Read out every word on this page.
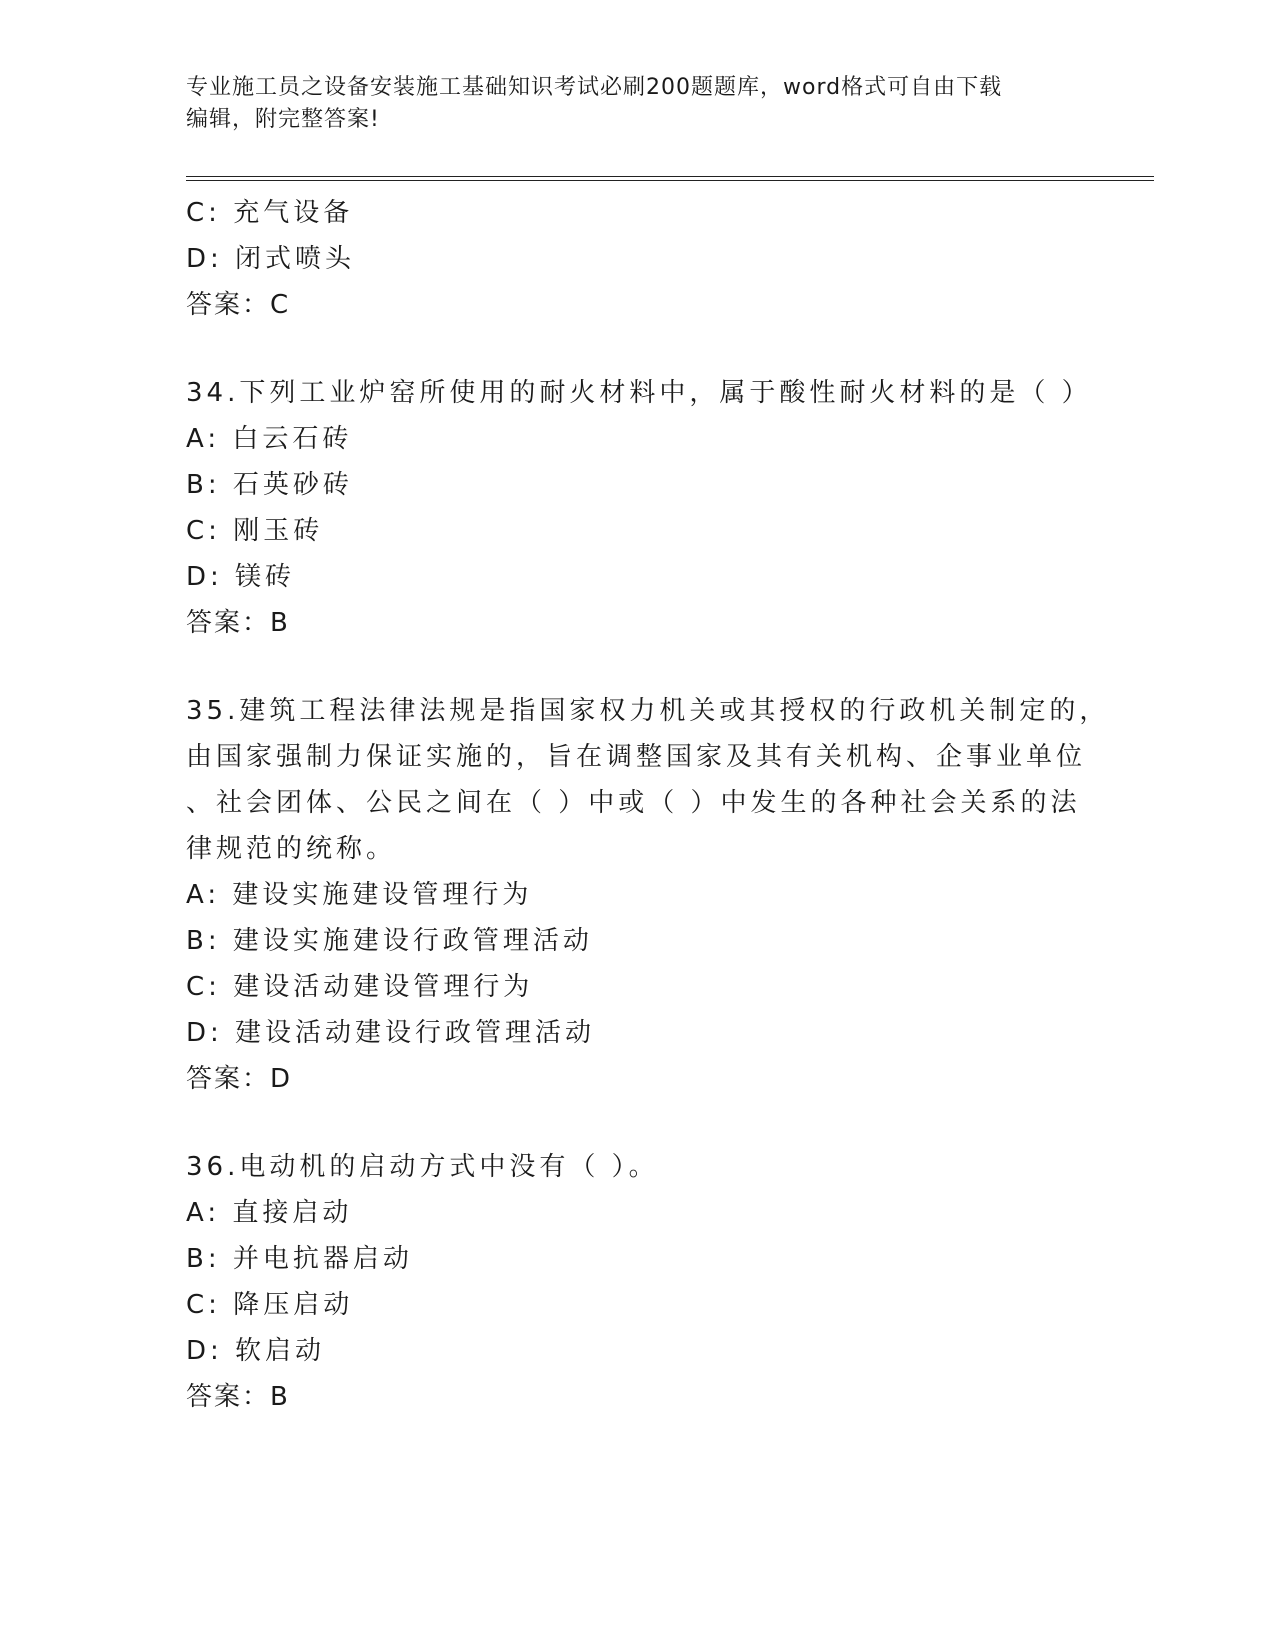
专业施工员之设备安装施工基础知识考试必刷200题题库，word格式可自由下载
编辑，附完整答案!
C: 充气设备
D: 闭式喷头
答案：C
34.下列工业炉窑所使用的耐火材料中，属于酸性耐火材料的是（ ）
A: 白云石砖
B: 石英砂砖
C: 刚玉砖
D: 镁砖
答案：B
35.建筑工程法律法规是指国家权力机关或其授权的行政机关制定的，
由国家强制力保证实施的，旨在调整国家及其有关机构、企事业单位
、社会团体、公民之间在（ ）中或（ ）中发生的各种社会关系的法
律规范的统称。
A: 建设实施建设管理行为
B: 建设实施建设行政管理活动
C: 建设活动建设管理行为
D: 建设活动建设行政管理活动
答案：D
36.电动机的启动方式中没有（ ）。
A: 直接启动
B: 并电抗器启动
C: 降压启动
D: 软启动
答案：B
